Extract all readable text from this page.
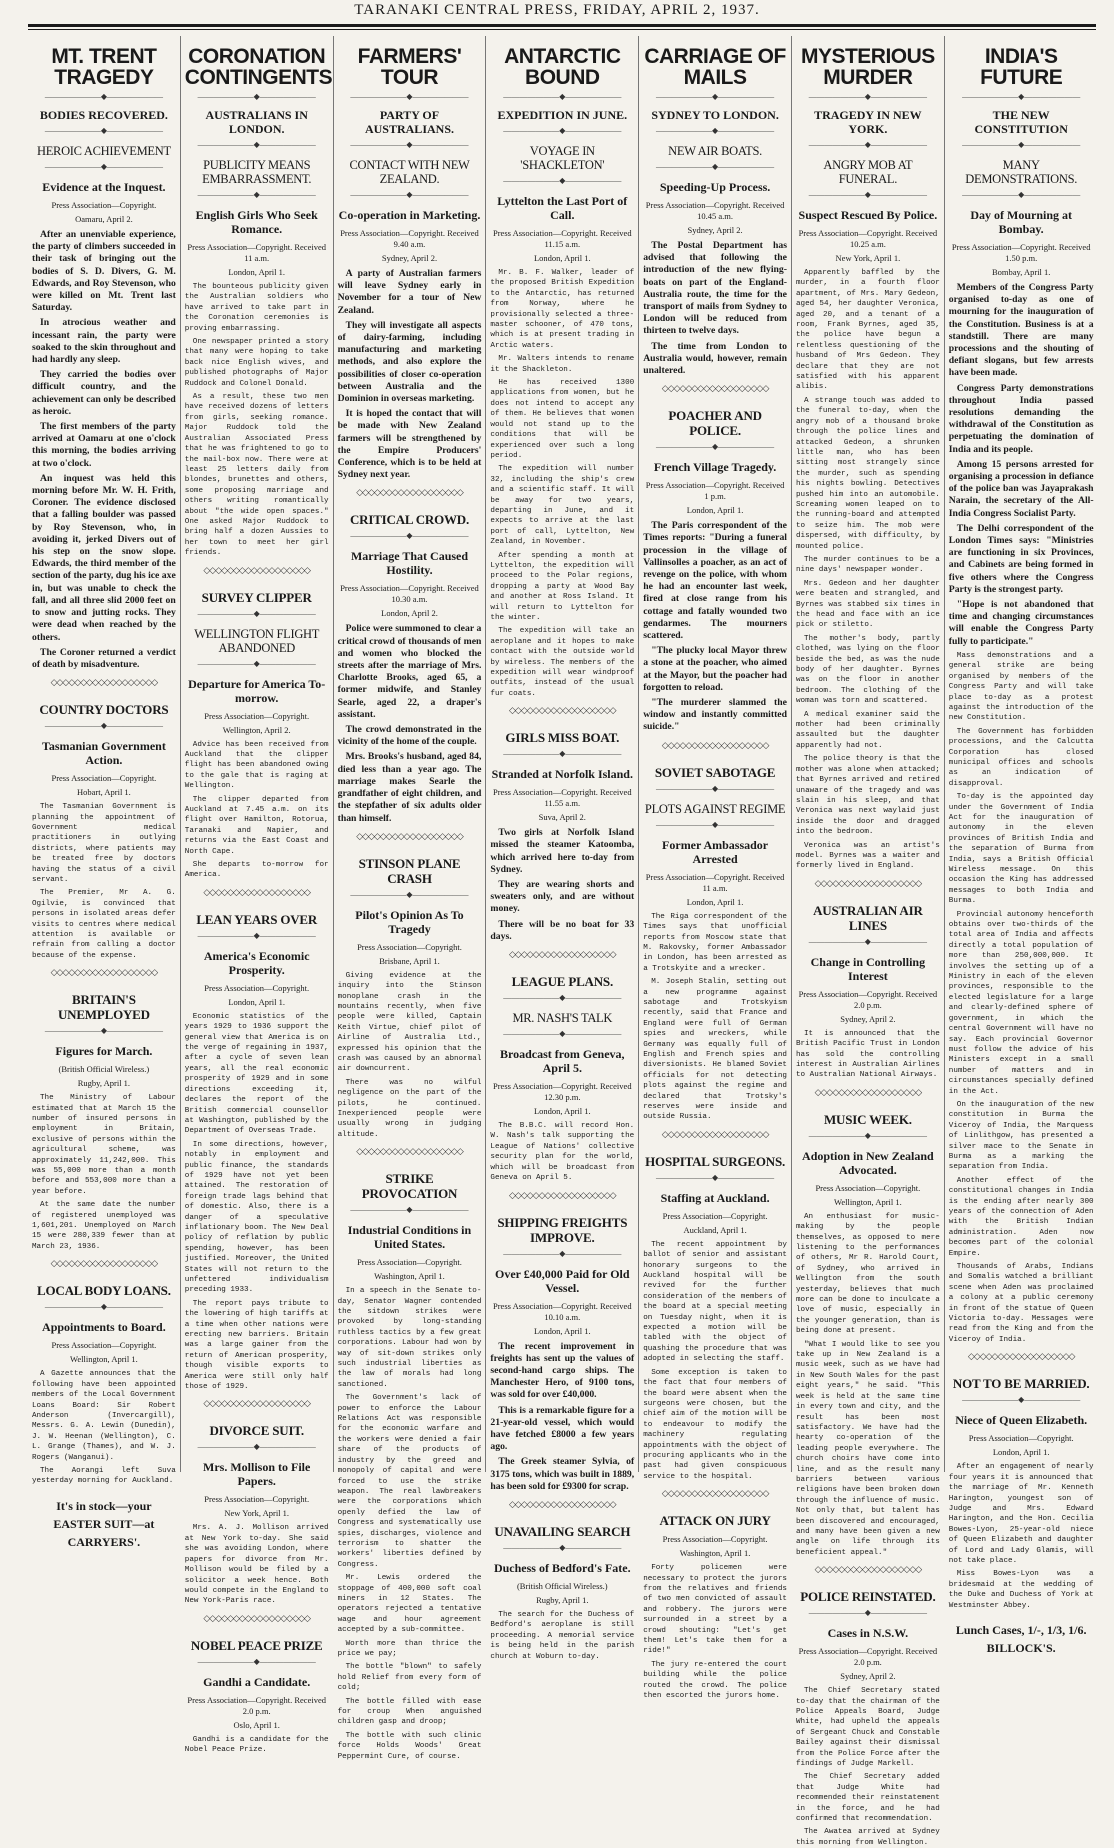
TARANAKI CENTRAL PRESS, FRIDAY, APRIL 2, 1937.
MT. TRENT TRAGEDY
———————◆———————
BODIES RECOVERED.
———————◆———————
HEROIC ACHIEVEMENT
———————◆———————
Evidence at the Inquest.
Press Association—Copyright.
Oamaru, April 2.

After an unenviable experience, the party of climbers succeeded in their task of bringing out the bodies of S. D. Divers, G. M. Edwards, and Roy Stevenson, who were killed on Mt. Trent last Saturday.

In atrocious weather and incessant rain, the party were soaked to the skin throughout and had hardly any sleep.

They carried the bodies over difficult country, and the achievement can only be described as heroic.

The first members of the party arrived at Oamaru at one o'clock this morning, the bodies arriving at two o'clock.

An inquest was held this morning before Mr. W. H. Frith, Coroner. The evidence disclosed that a falling boulder was passed by Roy Stevenson, who, in avoiding it, jerked Divers out of his step on the snow slope. Edwards, the third member of the section of the party, dug his ice axe in, but was unable to check the fall, and all three slid 2000 feet on to snow and jutting rocks. They were dead when reached by the others.

The Coroner returned a verdict of death by misadventure.

◇◇◇◇◇◇◇◇◇◇◇◇◇◇◇◇◇◇
COUNTRY DOCTORS
———————◆———————
Tasmanian Government Action.
Press Association—Copyright.
Hobart, April 1.

The Tasmanian Government is planning the appointment of Government medical practitioners in outlying districts, where patients may be treated free by doctors having the status of a civil servant.

The Premier, Mr A. G. Ogilvie, is convinced that persons in isolated areas defer visits to centres where medical attention is available or refrain from calling a doctor because of the expense.

◇◇◇◇◇◇◇◇◇◇◇◇◇◇◇◇◇◇
BRITAIN'S UNEMPLOYED
———————◆———————
Figures for March.
(British Official Wireless.)
Rugby, April 1.

The Ministry of Labour estimated that at March 15 the number of insured persons in employment in Britain, exclusive of persons within the agricultural scheme, was approximately 11,242,000. This was 55,000 more than a month before and 553,000 more than a year before.

At the same date the number of registered unemployed was 1,601,201. Unemployed on March 15 were 280,339 fewer than at March 23, 1936.

◇◇◇◇◇◇◇◇◇◇◇◇◇◇◇◇◇◇
LOCAL BODY LOANS.
———————◆———————
Appointments to Board.
Press Association—Copyright.
Wellington, April 1.

A Gazette announces that the following have been appointed members of the Local Government Loans Board: Sir Robert Anderson (Invercargill), Messrs. G. A. Lewin (Dunedin), J. W. Heenan (Wellington), C. L. Grange (Thames), and W. J. Rogers (Wanganui).

The Aorangi left Suva yesterday morning for Auckland.

It's in stock—your EASTER SUIT—at CARRYERS'.
CORONATION CONTINGENTS
———————◆———————
AUSTRALIANS IN LONDON.
———————◆———————
PUBLICITY MEANS EMBARRASSMENT.
———————◆———————
English Girls Who Seek Romance.
Press Association—Copyright. Received 11 a.m.
London, April 1.

The bounteous publicity given the Australian soldiers who have arrived to take part in the Coronation ceremonies is proving embarrassing.

One newspaper printed a story that many were hoping to take back nice English wives, and published photographs of Major Ruddock and Colonel Donald.

As a result, these two men have received dozens of letters from girls, seeking romance. Major Ruddock told the Australian Associated Press that he was frightened to go to the mail-box now. There were at least 25 letters daily from blondes, brunettes and others, some proposing marriage and others writing romantically about "the wide open spaces." One asked Major Ruddock to bring half a dozen Aussies to her town to meet her girl friends.

◇◇◇◇◇◇◇◇◇◇◇◇◇◇◇◇◇◇
SURVEY CLIPPER
———————◆———————
WELLINGTON FLIGHT ABANDONED
———————◆———————
Departure for America To-morrow.
Press Association—Copyright.
Wellington, April 2.

Advice has been received from Auckland that the clipper flight has been abandoned owing to the gale that is raging at Wellington.

The clipper departed from Auckland at 7.45 a.m. on its flight over Hamilton, Rotorua, Taranaki and Napier, and returns via the East Coast and North Cape.

She departs to-morrow for America.

◇◇◇◇◇◇◇◇◇◇◇◇◇◇◇◇◇◇
LEAN YEARS OVER
———————◆———————
America's Economic Prosperity.
Press Association—Copyright.
London, April 1.

Economic statistics of the years 1929 to 1936 support the general view that America is on the verge of regaining in 1937, after a cycle of seven lean years, all the real economic prosperity of 1929 and in some directions exceeding it, declares the report of the British commercial counsellor at Washington, published by the Department of Overseas Trade.

In some directions, however, notably in employment and public finance, the standards of 1929 have not yet been attained. The restoration of foreign trade lags behind that of domestic. Also, there is a danger of a speculative inflationary boom. The New Deal policy of reflation by public spending, however, has been justified. Moreover, the United States will not return to the unfettered individualism preceding 1933.

The report pays tribute to the lowering of high tariffs at a time when other nations were erecting new barriers. Britain was a large gainer from the return of American prosperity, though visible exports to America were still only half those of 1929.

◇◇◇◇◇◇◇◇◇◇◇◇◇◇◇◇◇◇
DIVORCE SUIT.
———————◆———————
Mrs. Mollison to File Papers.
Press Association—Copyright.
New York, April 1.

Mrs. A. J. Mollison arrived at New York to-day. She said she was avoiding London, where papers for divorce from Mr. Mollison would be filed by a solicitor a week hence. Both would compete in the England to New York-Paris race.

◇◇◇◇◇◇◇◇◇◇◇◇◇◇◇◇◇◇
NOBEL PEACE PRIZE
———————◆———————
Gandhi a Candidate.
Press Association—Copyright. Received 2.0 p.m.
Oslo, April 1.

Gandhi is a candidate for the Nobel Peace Prize.

FARMERS' TOUR
———————◆———————
PARTY OF AUSTRALIANS.
———————◆———————
CONTACT WITH NEW ZEALAND.
———————◆———————
Co-operation in Marketing.
Press Association—Copyright. Received 9.40 a.m.
Sydney, April 2.

A party of Australian farmers will leave Sydney early in November for a tour of New Zealand.

They will investigate all aspects of dairy-farming, including manufacturing and marketing methods, and also explore the possibilities of closer co-operation between Australia and the Dominion in overseas marketing.

It is hoped the contact that will be made with New Zealand farmers will be strengthened by the Empire Producers' Conference, which is to be held at Sydney next year.

◇◇◇◇◇◇◇◇◇◇◇◇◇◇◇◇◇◇
CRITICAL CROWD.
———————◆———————
Marriage That Caused Hostility.
Press Association—Copyright. Received 10.30 a.m.
London, April 2.

Police were summoned to clear a critical crowd of thousands of men and women who blocked the streets after the marriage of Mrs. Charlotte Brooks, aged 65, a former midwife, and Stanley Searle, aged 22, a draper's assistant.

The crowd demonstrated in the vicinity of the home of the couple.

Mrs. Brooks's husband, aged 84, died less than a year ago. The marriage makes Searle the grandfather of eight children, and the stepfather of six adults older than himself.

◇◇◇◇◇◇◇◇◇◇◇◇◇◇◇◇◇◇
STINSON PLANE CRASH
———————◆———————
Pilot's Opinion As To Tragedy
Press Association—Copyright.
Brisbane, April 1.

Giving evidence at the inquiry into the Stinson monoplane crash in the mountains recently, when five people were killed, Captain Keith Virtue, chief pilot of Airline of Australia Ltd., expressed his opinion that the crash was caused by an abnormal air downcurrent.

There was no wilful negligence on the part of the pilots, he continued. Inexperienced people were usually wrong in judging altitude.

◇◇◇◇◇◇◇◇◇◇◇◇◇◇◇◇◇◇
STRIKE PROVOCATION
———————◆———————
Industrial Conditions in United States.
Press Association—Copyright.
Washington, April 1.

In a speech in the Senate to-day, Senator Wagner contended the sitdown strikes were provoked by long-standing ruthless tactics by a few great corporations. Labour had won by way of sit-down strikes only such industrial liberties as the law of morals had long sanctioned.

The Government's lack of power to enforce the Labour Relations Act was responsible for the economic warfare and the workers were denied a fair share of the products of industry by the greed and monopoly of capital and were forced to use the strike weapon. The real lawbreakers were the corporations which openly defied the law of Congress and systematically use spies, discharges, violence and terrorism to shatter the workers' liberties defined by Congress.

Mr. Lewis ordered the stoppage of 400,000 soft coal miners in 12 States. The operators rejected a tentative wage and hour agreement accepted by a sub-committee.

Worth more than thrice the price we pay;

The bottle "blown" to safely hold Relief from every form of cold;

The bottle filled with ease for croup When anguished children gasp and droop;

The bottle with such clinic force Holds Woods' Great Peppermint Cure, of course.

ANTARCTIC BOUND
———————◆———————
EXPEDITION IN JUNE.
———————◆———————
VOYAGE IN 'SHACKLETON'
———————◆———————
Lyttelton the Last Port of Call.
Press Association—Copyright. Received 11.15 a.m.
London, April 1.

Mr. B. F. Walker, leader of the proposed British Expedition to the Antarctic, has returned from Norway, where he provisionally selected a three-master schooner, of 470 tons, which is at present trading in Arctic waters.

Mr. Walters intends to rename it the Shackleton.

He has received 1300 applications from women, but he does not intend to accept any of them. He believes that women would not stand up to the conditions that will be experienced over such a long period.

The expedition will number 32, including the ship's crew and a scientific staff. It will be away for two years, departing in June, and it expects to arrive at the last port of call, Lyttelton, New Zealand, in November.

After spending a month at Lyttelton, the expedition will proceed to the Polar regions, dropping a party at Wood Bay and another at Ross Island. It will return to Lyttelton for the winter.

The expedition will take an aeroplane and it hopes to make contact with the outside world by wireless. The members of the expedition will wear windproof outfits, instead of the usual fur coats.

◇◇◇◇◇◇◇◇◇◇◇◇◇◇◇◇◇◇
GIRLS MISS BOAT.
———————◆———————
Stranded at Norfolk Island.
Press Association—Copyright. Received 11.55 a.m.
Suva, April 2.

Two girls at Norfolk Island missed the steamer Katoomba, which arrived here to-day from Sydney.

They are wearing shorts and sweaters only, and are without money.

There will be no boat for 33 days.

◇◇◇◇◇◇◇◇◇◇◇◇◇◇◇◇◇◇
LEAGUE PLANS.
———————◆———————
MR. NASH'S TALK
———————◆———————
Broadcast from Geneva, April 5.
Press Association—Copyright. Received 12.30 p.m.
London, April 1.

The B.B.C. will record Hon. W. Nash's talk supporting the League of Nations' collective security plan for the world, which will be broadcast from Geneva on April 5.

◇◇◇◇◇◇◇◇◇◇◇◇◇◇◇◇◇◇
SHIPPING FREIGHTS IMPROVE.
———————◆———————
Over £40,000 Paid for Old Vessel.
Press Association—Copyright. Received 10.10 a.m.
London, April 1.

The recent improvement in freights has sent up the values of second-hand cargo ships. The Manchester Hero, of 9100 tons, was sold for over £40,000.

This is a remarkable figure for a 21-year-old vessel, which would have fetched £8000 a few years ago.

The Greek steamer Sylvia, of 3175 tons, which was built in 1889, has been sold for £9300 for scrap.

◇◇◇◇◇◇◇◇◇◇◇◇◇◇◇◇◇◇
UNAVAILING SEARCH
———————◆———————
Duchess of Bedford's Fate.
(British Official Wireless.)
Rugby, April 1.

The search for the Duchess of Bedford's aeroplane is still proceeding. A memorial service is being held in the parish church at Woburn to-day.

CARRIAGE OF MAILS
———————◆———————
SYDNEY TO LONDON.
———————◆———————
NEW AIR BOATS.
———————◆———————
Speeding-Up Process.
Press Association—Copyright. Received 10.45 a.m.
Sydney, April 2.

The Postal Department has advised that following the introduction of the new flying-boats on part of the England-Australia route, the time for the transport of mails from Sydney to London will be reduced from thirteen to twelve days.

The time from London to Australia would, however, remain unaltered.

◇◇◇◇◇◇◇◇◇◇◇◇◇◇◇◇◇◇
POACHER AND POLICE.
———————◆———————
French Village Tragedy.
Press Association—Copyright. Received 1 p.m.
London, April 1.

The Paris correspondent of the Times reports: "During a funeral procession in the village of Vallinsolles a poacher, as an act of revenge on the police, with whom he had an encounter last week, fired at close range from his cottage and fatally wounded two gendarmes. The mourners scattered.

"The plucky local Mayor threw a stone at the poacher, who aimed at the Mayor, but the poacher had forgotten to reload.

"The murderer slammed the window and instantly committed suicide."

◇◇◇◇◇◇◇◇◇◇◇◇◇◇◇◇◇◇
SOVIET SABOTAGE
———————◆———————
PLOTS AGAINST REGIME
———————◆———————
Former Ambassador Arrested
Press Association—Copyright. Received 11 a.m.
London, April 1.

The Riga correspondent of the Times says that unofficial reports from Moscow state that M. Rakovsky, former Ambassador in London, has been arrested as a Trotskyite and a wrecker.

M. Joseph Stalin, setting out a new programme against sabotage and Trotskyism recently, said that France and England were full of German spies and wreckers, while Germany was equally full of English and French spies and diversionists. He blamed Soviet officials for not detecting plots against the regime and declared that Trotsky's reserves were inside and outside Russia.

◇◇◇◇◇◇◇◇◇◇◇◇◇◇◇◇◇◇
HOSPITAL SURGEONS.
———————◆———————
Staffing at Auckland.
Press Association—Copyright.
Auckland, April 1.

The recent appointment by ballot of senior and assistant honorary surgeons to the Auckland hospital will be revived for the further consideration of the members of the board at a special meeting on Tuesday night, when it is expected a motion will be tabled with the object of quashing the procedure that was adopted in selecting the staff.

Some exception is taken to the fact that four members of the board were absent when the surgeons were chosen, but the chief aim of the motion will be to endeavour to modify the machinery regulating appointments with the object of procuring applicants who in the past had given conspicuous service to the hospital.

◇◇◇◇◇◇◇◇◇◇◇◇◇◇◇◇◇◇
ATTACK ON JURY
Press Association—Copyright.
Washington, April 1.

Forty policemen were necessary to protect the jurors from the relatives and friends of two men convicted of assault and robbery. The jurors were surrounded in a street by a crowd shouting: "Let's get them! Let's take them for a ride!"

The jury re-entered the court building while the police routed the crowd. The police then escorted the jurors home.

MYSTERIOUS MURDER
———————◆———————
TRAGEDY IN NEW YORK.
———————◆———————
ANGRY MOB AT FUNERAL.
———————◆———————
Suspect Rescued By Police.
Press Association—Copyright. Received 10.25 a.m.
New York, April 1.

Apparently baffled by the murder, in a fourth floor apartment, of Mrs. Mary Gedeon, aged 54, her daughter Veronica, aged 20, and a tenant of a room, Frank Byrnes, aged 35, the police have begun a relentless questioning of the husband of Mrs Gedeon. They declare that they are not satisfied with his apparent alibis.

A strange touch was added to the funeral to-day, when the angry mob of a thousand broke through the police lines and attacked Gedeon, a shrunken little man, who has been sitting most strangely since the murder, such as spending his nights bowling. Detectives pushed him into an automobile. Screaming women leaped on to the running-board and attempted to seize him. The mob were dispersed, with difficulty, by mounted police.

The murder continues to be a nine days' newspaper wonder.

Mrs. Gedeon and her daughter were beaten and strangled, and Byrnes was stabbed six times in the head and face with an ice pick or stiletto.

The mother's body, partly clothed, was lying on the floor beside the bed, as was the nude body of her daughter. Byrnes was on the floor in another bedroom. The clothing of the woman was torn and scattered.

A medical examiner said the mother had been criminally assaulted but the daughter apparently had not.

The police theory is that the mother was alone when attacked; that Byrnes arrived and retired unaware of the tragedy and was slain in his sleep, and that Veronica was next waylaid just inside the door and dragged into the bedroom.

Veronica was an artist's model. Byrnes was a waiter and formerly lived in England.

◇◇◇◇◇◇◇◇◇◇◇◇◇◇◇◇◇◇
AUSTRALIAN AIR LINES
———————◆———————
Change in Controlling Interest
Press Association—Copyright. Received 2.0 p.m.
Sydney, April 2.

It is announced that the British Pacific Trust in London has sold the controlling interest in Australian Airlines to Australian National Airways.

◇◇◇◇◇◇◇◇◇◇◇◇◇◇◇◇◇◇
MUSIC WEEK.
———————◆———————
Adoption in New Zealand Advocated.
Press Association—Copyright.
Wellington, April 1.

An enthusiast for music-making by the people themselves, as opposed to mere listening to the performances of others, Mr R. Harold Court, of Sydney, who arrived in Wellington from the south yesterday, believes that much more can be done to inculcate a love of music, especially in the younger generation, than is being done at present.

"What I would like to see you take up in New Zealand is a music week, such as we have had in New South Wales for the past eight years," he said. "This week is held at the same time in every town and city, and the result has been most satisfactory. We have had the hearty co-operation of the leading people everywhere. The church choirs have come into line, and as the result many barriers between various religions have been broken down through the influence of music. Not only that, but talent has been discovered and encouraged, and many have been given a new angle on life through its beneficient appeal."

◇◇◇◇◇◇◇◇◇◇◇◇◇◇◇◇◇◇
POLICE REINSTATED.
———————◆———————
Cases in N.S.W.
Press Association—Copyright. Received 2.0 p.m.
Sydney, April 2.

The Chief Secretary stated to-day that the chairman of the Police Appeals Board, Judge White, had upheld the appeals of Sergeant Chuck and Constable Bailey against their dismissal from the Police Force after the findings of Judge Markell.

The Chief Secretary added that Judge White had recommended their reinstatement in the force, and he had confirmed that recommendation.

The Awatea arrived at Sydney this morning from Wellington.

INDIA'S FUTURE
———————◆———————
THE NEW CONSTITUTION
———————◆———————
MANY DEMONSTRATIONS.
———————◆———————
Day of Mourning at Bombay.
Press Association—Copyright. Received 1.50 p.m.
Bombay, April 1.

Members of the Congress Party organised to-day as one of mourning for the inauguration of the Constitution. Business is at a standstill. There are many processions and the shouting of defiant slogans, but few arrests have been made.

Congress Party demonstrations throughout India passed resolutions demanding the withdrawal of the Constitution as perpetuating the domination of India and its people.

Among 15 persons arrested for organising a procession in defiance of the police ban was Jayaprakash Narain, the secretary of the All-India Congress Socialist Party.

The Delhi correspondent of the London Times says: "Ministries are functioning in six Provinces, and Cabinets are being formed in five others where the Congress Party is the strongest party.

"Hope is not abandoned that time and changing circumstances will enable the Congress Party fully to participate."

Mass demonstrations and a general strike are being organised by members of the Congress Party and will take place to-day as a protest against the introduction of the new Constitution.

The Government has forbidden processions, and the Calcutta Corporation has closed municipal offices and schools as an indication of disapproval.

To-day is the appointed day under the Government of India Act for the inauguration of autonomy in the eleven provinces of British India and the separation of Burma from India, says a British Official Wireless message. On this occasion the King has addressed messages to both India and Burma.

Provincial autonomy henceforth obtains over two-thirds of the total area of India and affects directly a total population of more than 250,000,000. It involves the setting up of a Ministry in each of the eleven provinces, responsible to the elected legislature for a large and clearly-defined sphere of government, in which the central Government will have no say. Each provincial Governor must follow the advice of his Ministers except in a small number of matters and in circumstances specially defined in the Act.

On the inauguration of the new constitution in Burma the Viceroy of India, the Marquess of Linlithgow, has presented a silver mace to the Senate in Burma as a marking the separation from India.

Another effect of the constitutional changes in India is the ending after nearly 300 years of the connection of Aden with the British Indian administration. Aden now becomes part of the colonial Empire.

Thousands of Arabs, Indians and Somalis watched a brilliant scene when Aden was proclaimed a colony at a public ceremony in front of the statue of Queen Victoria to-day. Messages were read from the King and from the Viceroy of India.

◇◇◇◇◇◇◇◇◇◇◇◇◇◇◇◇◇◇
NOT TO BE MARRIED.
———————◆———————
Niece of Queen Elizabeth.
Press Association—Copyright.
London, April 1.

After an engagement of nearly four years it is announced that the marriage of Mr. Kenneth Harington, youngest son of Judge and Mrs. Edward Harington, and the Hon. Cecilia Bowes-Lyon, 25-year-old niece of Queen Elizabeth and daughter of Lord and Lady Glamis, will not take place.

Miss Bowes-Lyon was a bridesmaid at the wedding of the Duke and Duchess of York at Westminster Abbey.

Lunch Cases, 1/-, 1/3, 1/6. BILLOCK'S.
